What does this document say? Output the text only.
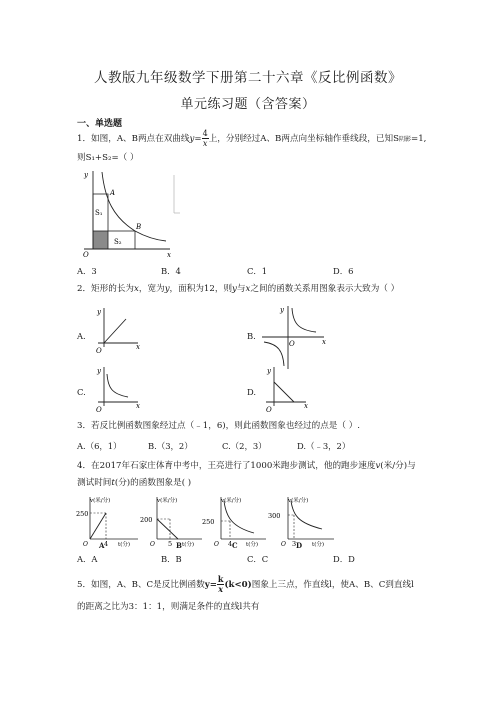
人教版九年级数学下册第二十六章《反比例函数》
单元练习题（含答案）
一、单选题
1．如图，A、B两点在双曲线$y= \frac{4}{x}$ 上，分别经过A、B两点向坐标轴作垂线段，已知S阴影=1,
则S₁+S₂=（ ）
y
A
S₁
B
S₂
O	x
A．3	B．4	C．1	D．6
2．矩形的长为x，宽为y，面积为12，则y与x之间的函数关系用图象表示大致为（ ）
A.
y
O	x
B.
y
O	x
C.
y
O	x
D.
y
O	x
3．若反比例函数图象经过点（﹣1，6)，则此函数图象也经过的点是（ ）.
A.（6，1）	B.（3，2）	C.（2，3）	D.（﹣3，2）
4．在2017年石家庄体育中考中，王亮进行了1000米跑步测试，他的跑步速度v(米/分)与
测试时间t(分)的函数图象是( )
v(米/分)
250
O 4 t(分)
A
v(米/分)
200
O 5 t(分)
B
v(米/分)
250
O 4	t(分)
C
v(米/分)
300
O 3	t(分)
D
A．A	B．B	C．C	D．D
5．如图，A、B、C是反比例函数$y= \frac{k}{x} (k<0)$图象上三点，作直线l，使A、B、C到直线l
的距离之比为3：1：1，则满足条件的直线l共有
